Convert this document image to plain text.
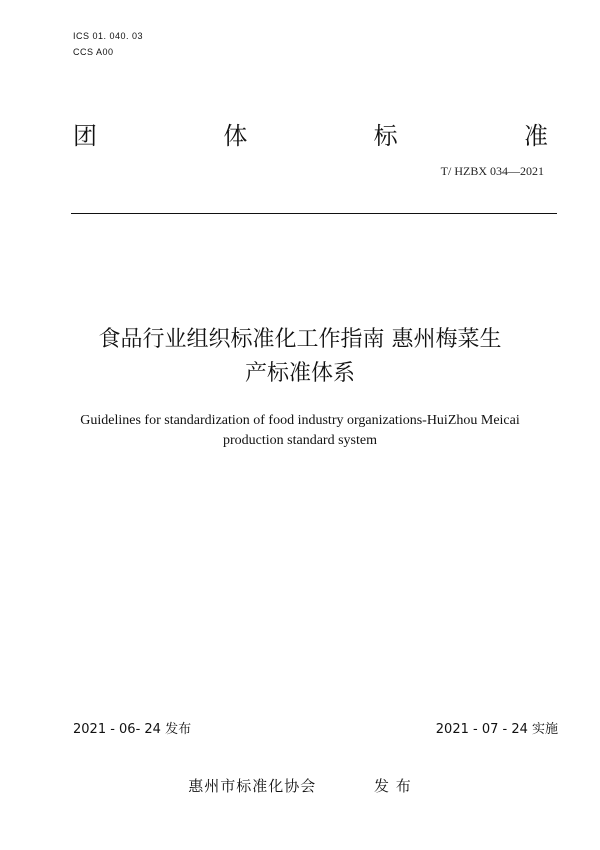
ICS 01. 040. 03
CCS A00
团	体	标	准
T/ HZBX 034—2021
食品行业组织标准化工作指南 惠州梅菜生
产标准体系
Guidelines for standardization of food industry organizations-HuiZhou Meicai
production standard system
2021 - 06- 24 发布	2021 - 07 - 24 实施
惠州市标准化协会	发 布
